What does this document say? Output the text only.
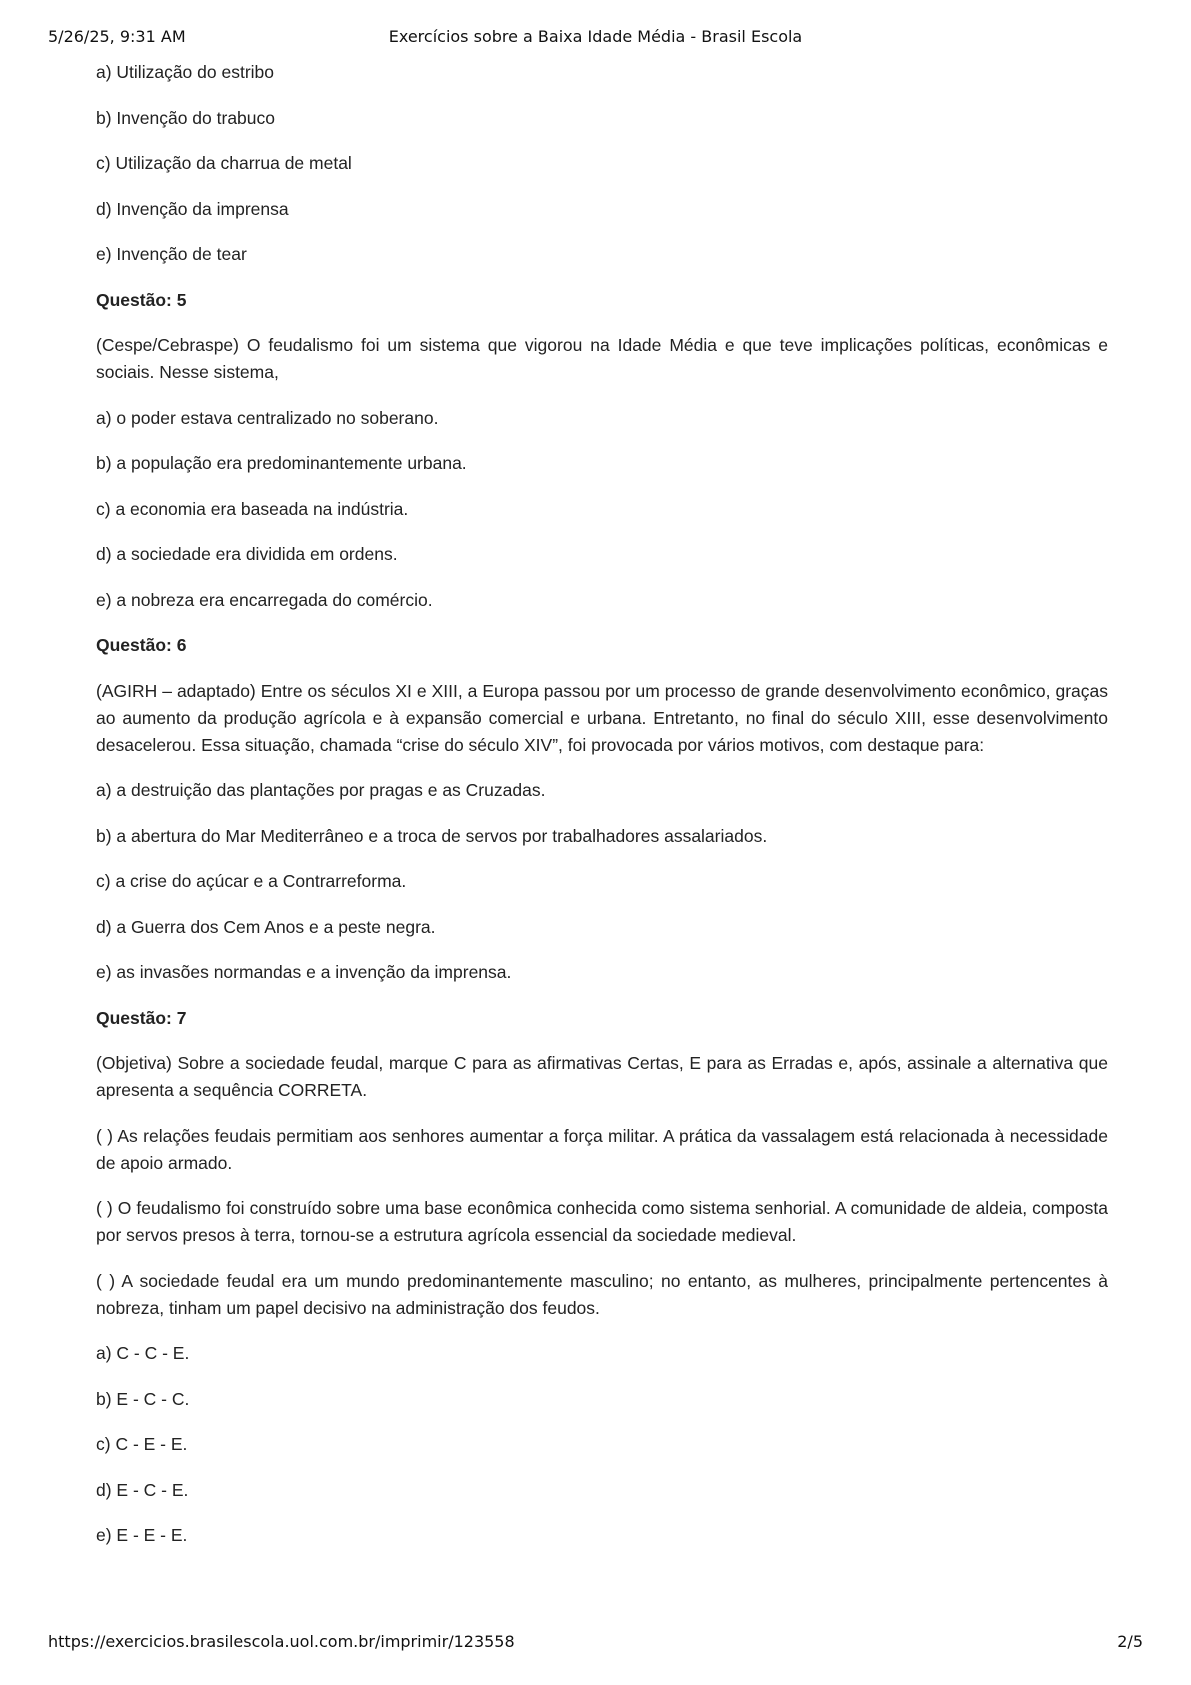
5/26/25, 9:31 AM	Exercícios sobre a Baixa Idade Média - Brasil Escola

a) Utilização do estribo

b) Invenção do trabuco

c) Utilização da charrua de metal

d) Invenção da imprensa

e) Invenção de tear

Questão: 5

(Cespe/Cebraspe) O feudalismo foi um sistema que vigorou na Idade Média e que teve implicações políticas, econômicas e sociais. Nesse sistema,

a) o poder estava centralizado no soberano.

b) a população era predominantemente urbana.

c) a economia era baseada na indústria.

d) a sociedade era dividida em ordens.

e) a nobreza era encarregada do comércio.

Questão: 6

(AGIRH – adaptado) Entre os séculos XI e XIII, a Europa passou por um processo de grande desenvolvimento econômico, graças ao aumento da produção agrícola e à expansão comercial e urbana. Entretanto, no final do século XIII, esse desenvolvimento desacelerou. Essa situação, chamada “crise do século XIV”, foi provocada por vários motivos, com destaque para:

a) a destruição das plantações por pragas e as Cruzadas.

b) a abertura do Mar Mediterrâneo e a troca de servos por trabalhadores assalariados.

c) a crise do açúcar e a Contrarreforma.

d) a Guerra dos Cem Anos e a peste negra.

e) as invasões normandas e a invenção da imprensa.

Questão: 7

(Objetiva) Sobre a sociedade feudal, marque C para as afirmativas Certas, E para as Erradas e, após, assinale a alternativa que apresenta a sequência CORRETA.

( ) As relações feudais permitiam aos senhores aumentar a força militar. A prática da vassalagem está relacionada à necessidade de apoio armado.

( ) O feudalismo foi construído sobre uma base econômica conhecida como sistema senhorial. A comunidade de aldeia, composta por servos presos à terra, tornou-se a estrutura agrícola essencial da sociedade medieval.

( ) A sociedade feudal era um mundo predominantemente masculino; no entanto, as mulheres, principalmente pertencentes à nobreza, tinham um papel decisivo na administração dos feudos.

a) C - C - E.

b) E - C - C.

c) C - E - E.

d) E - C - E.

e) E - E - E.

https://exercicios.brasilescola.uol.com.br/imprimir/123558	2/5
